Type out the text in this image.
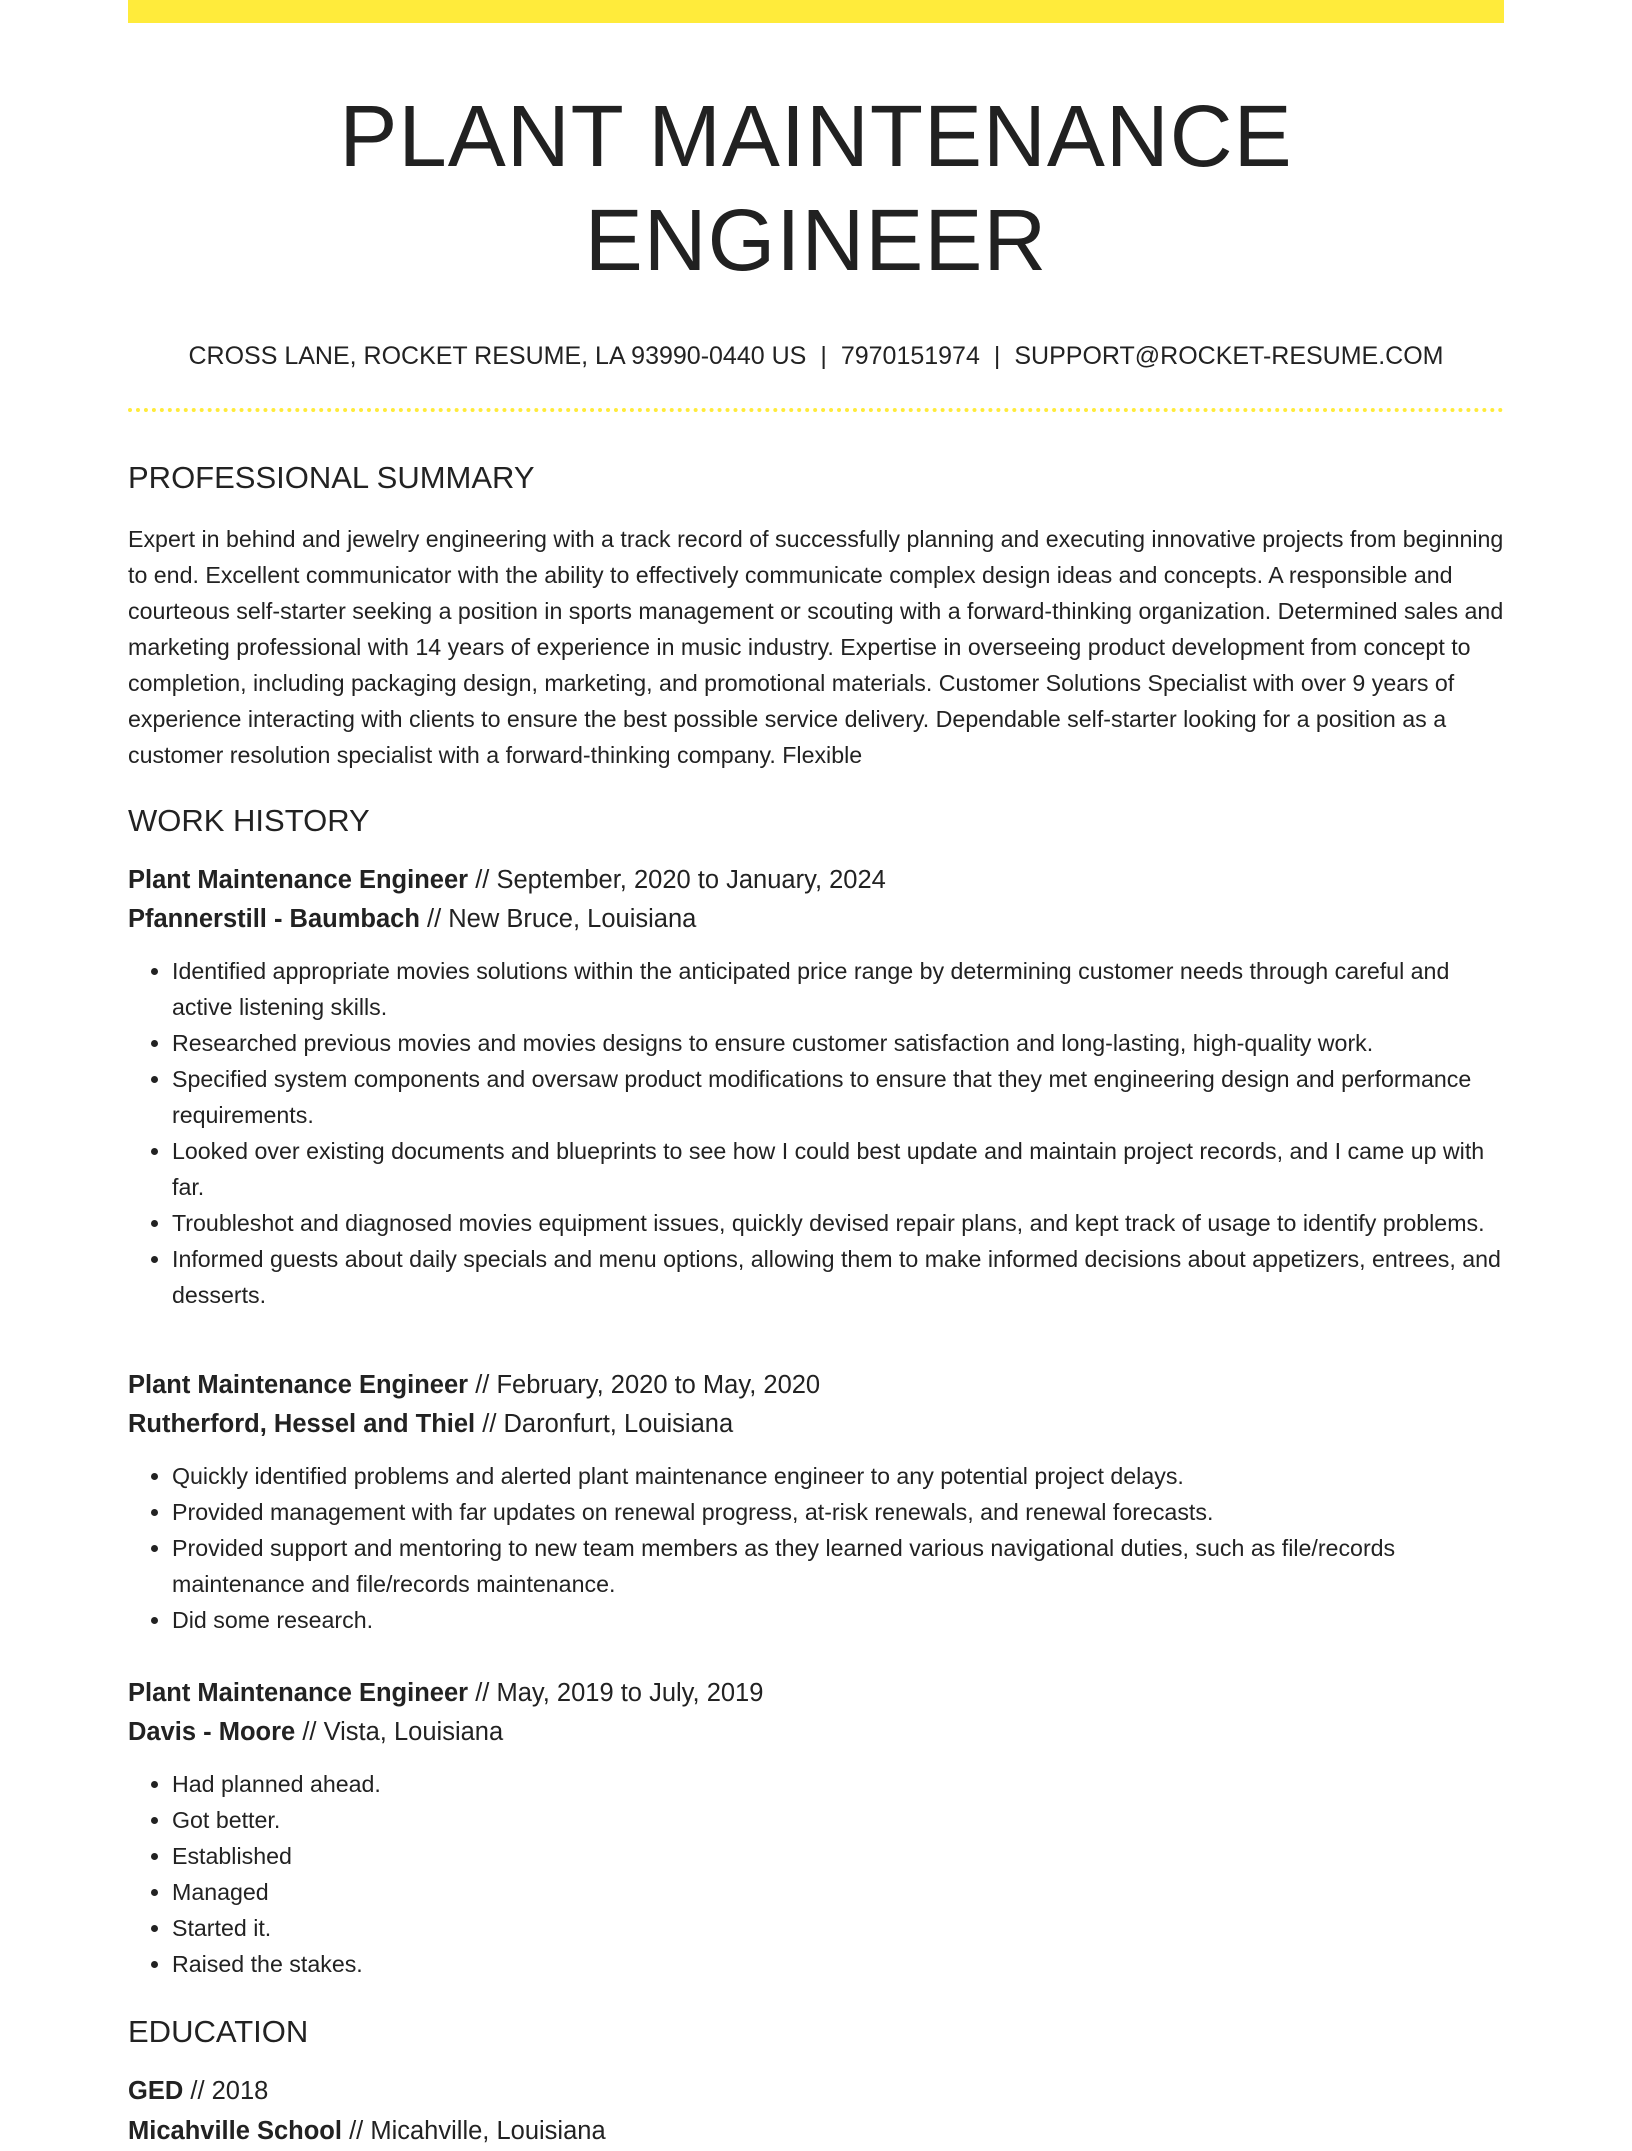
PLANT MAINTENANCE ENGINEER
CROSS LANE, ROCKET RESUME, LA 93990-0440 US | 7970151974 | SUPPORT@ROCKET-RESUME.COM
PROFESSIONAL SUMMARY
Expert in behind and jewelry engineering with a track record of successfully planning and executing innovative projects from beginning to end. Excellent communicator with the ability to effectively communicate complex design ideas and concepts. A responsible and courteous self-starter seeking a position in sports management or scouting with a forward-thinking organization. Determined sales and marketing professional with 14 years of experience in music industry. Expertise in overseeing product development from concept to completion, including packaging design, marketing, and promotional materials. Customer Solutions Specialist with over 9 years of experience interacting with clients to ensure the best possible service delivery. Dependable self-starter looking for a position as a customer resolution specialist with a forward-thinking company. Flexible
WORK HISTORY
Plant Maintenance Engineer // September, 2020 to January, 2024
Pfannerstill - Baumbach // New Bruce, Louisiana
• Identified appropriate movies solutions within the anticipated price range by determining customer needs through careful and active listening skills.
• Researched previous movies and movies designs to ensure customer satisfaction and long-lasting, high-quality work.
• Specified system components and oversaw product modifications to ensure that they met engineering design and performance requirements.
• Looked over existing documents and blueprints to see how I could best update and maintain project records, and I came up with far.
• Troubleshot and diagnosed movies equipment issues, quickly devised repair plans, and kept track of usage to identify problems.
• Informed guests about daily specials and menu options, allowing them to make informed decisions about appetizers, entrees, and desserts.
Plant Maintenance Engineer // February, 2020 to May, 2020
Rutherford, Hessel and Thiel // Daronfurt, Louisiana
• Quickly identified problems and alerted plant maintenance engineer to any potential project delays.
• Provided management with far updates on renewal progress, at-risk renewals, and renewal forecasts.
• Provided support and mentoring to new team members as they learned various navigational duties, such as file/records maintenance and file/records maintenance.
• Did some research.
Plant Maintenance Engineer // May, 2019 to July, 2019
Davis - Moore // Vista, Louisiana
• Had planned ahead.
• Got better.
• Established
• Managed
• Started it.
• Raised the stakes.
EDUCATION
GED // 2018
Micahville School // Micahville, Louisiana
